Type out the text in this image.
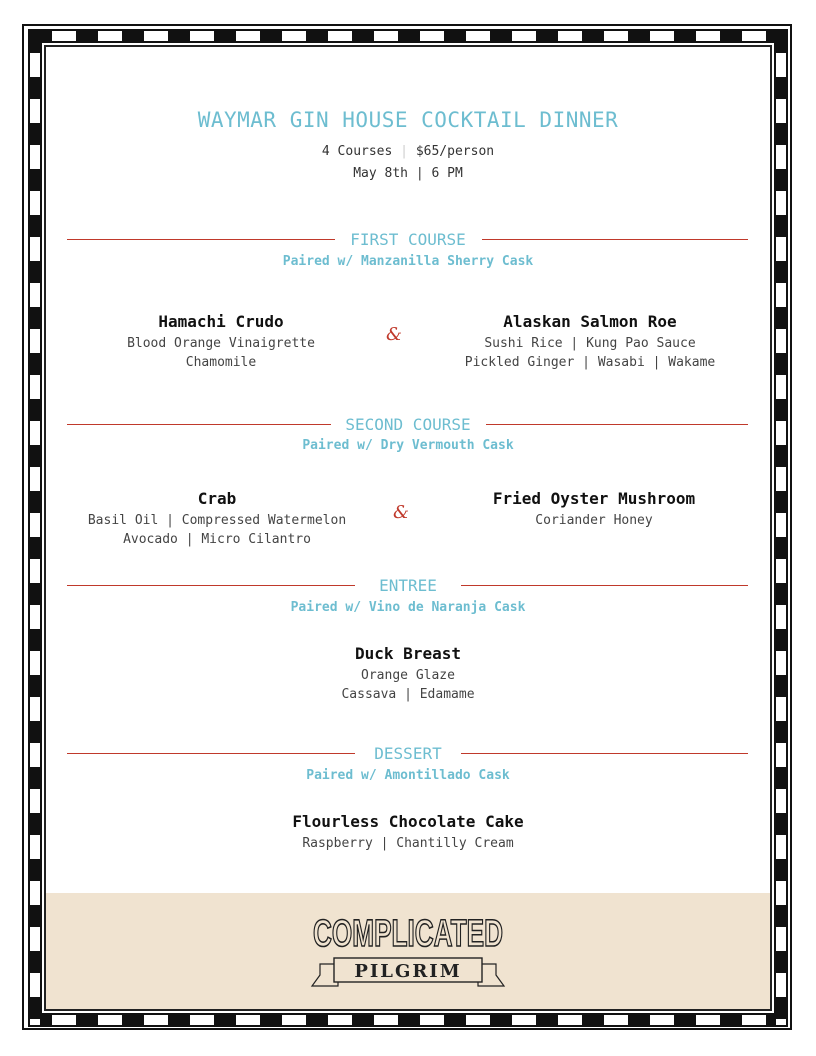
WAYMAR GIN HOUSE COCKTAIL DINNER
4 Courses | $65/person
May 8th | 6 PM
FIRST COURSE
Paired w/ Manzanilla Sherry Cask
Hamachi Crudo
Blood Orange Vinaigrette
Chamomile
&
Alaskan Salmon Roe
Sushi Rice | Kung Pao Sauce
Pickled Ginger | Wasabi | Wakame
SECOND COURSE
Paired w/ Dry Vermouth Cask
Crab
Basil Oil | Compressed Watermelon
Avocado | Micro Cilantro
&
Fried Oyster Mushroom
Coriander Honey
ENTREE
Paired w/ Vino de Naranja Cask
Duck Breast
Orange Glaze
Cassava | Edamame
DESSERT
Paired w/ Amontillado Cask
Flourless Chocolate Cake
Raspberry | Chantilly Cream
COMPLICATED
PILGRIM
